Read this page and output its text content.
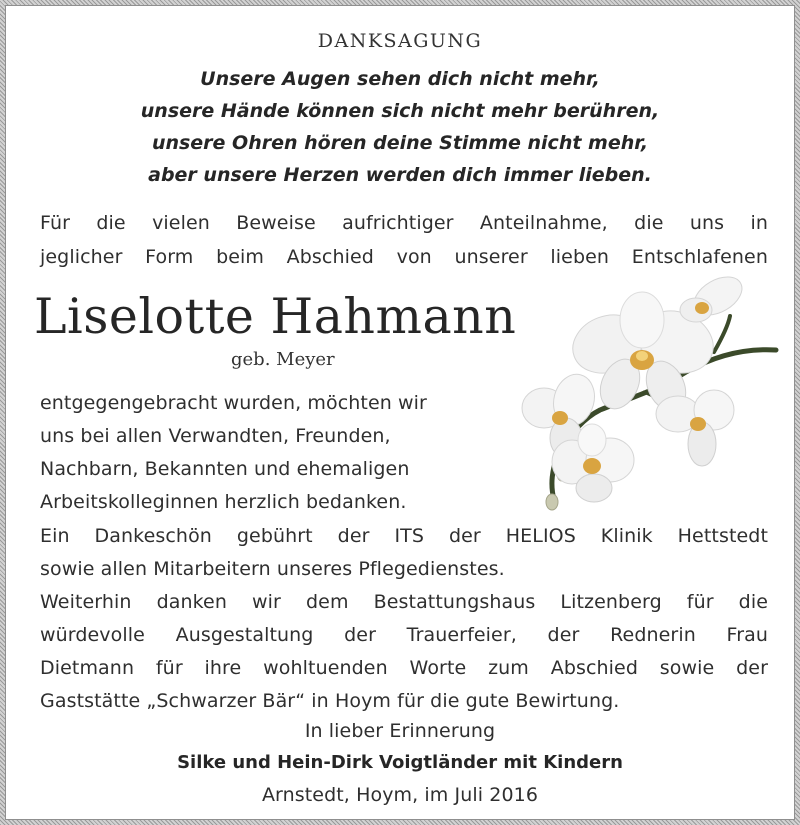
DANKSAGUNG
Unsere Augen sehen dich nicht mehr,
unsere Hände können sich nicht mehr berühren,
unsere Ohren hören deine Stimme nicht mehr,
aber unsere Herzen werden dich immer lieben.
Für die vielen Beweise aufrichtiger Anteilnahme, die uns in
jeglicher Form beim Abschied von unserer lieben Entschlafenen
Liselotte Hahmann
geb. Meyer
entgegengebracht wurden, möchten wir
uns bei allen Verwandten, Freunden,
Nachbarn, Bekannten und ehemaligen
Arbeitskolleginnen herzlich bedanken.
Ein Dankeschön gebührt der ITS der HELIOS Klinik Hettstedt
sowie allen Mitarbeitern unseres Pflegedienstes.
Weiterhin danken wir dem Bestattungshaus Litzenberg für die
würdevolle Ausgestaltung der Trauerfeier, der Rednerin Frau
Dietmann für ihre wohltuenden Worte zum Abschied sowie der
Gaststätte „Schwarzer Bär“ in Hoym für die gute Bewirtung.
In lieber Erinnerung
Silke und Hein-Dirk Voigtländer mit Kindern
Arnstedt, Hoym, im Juli 2016
